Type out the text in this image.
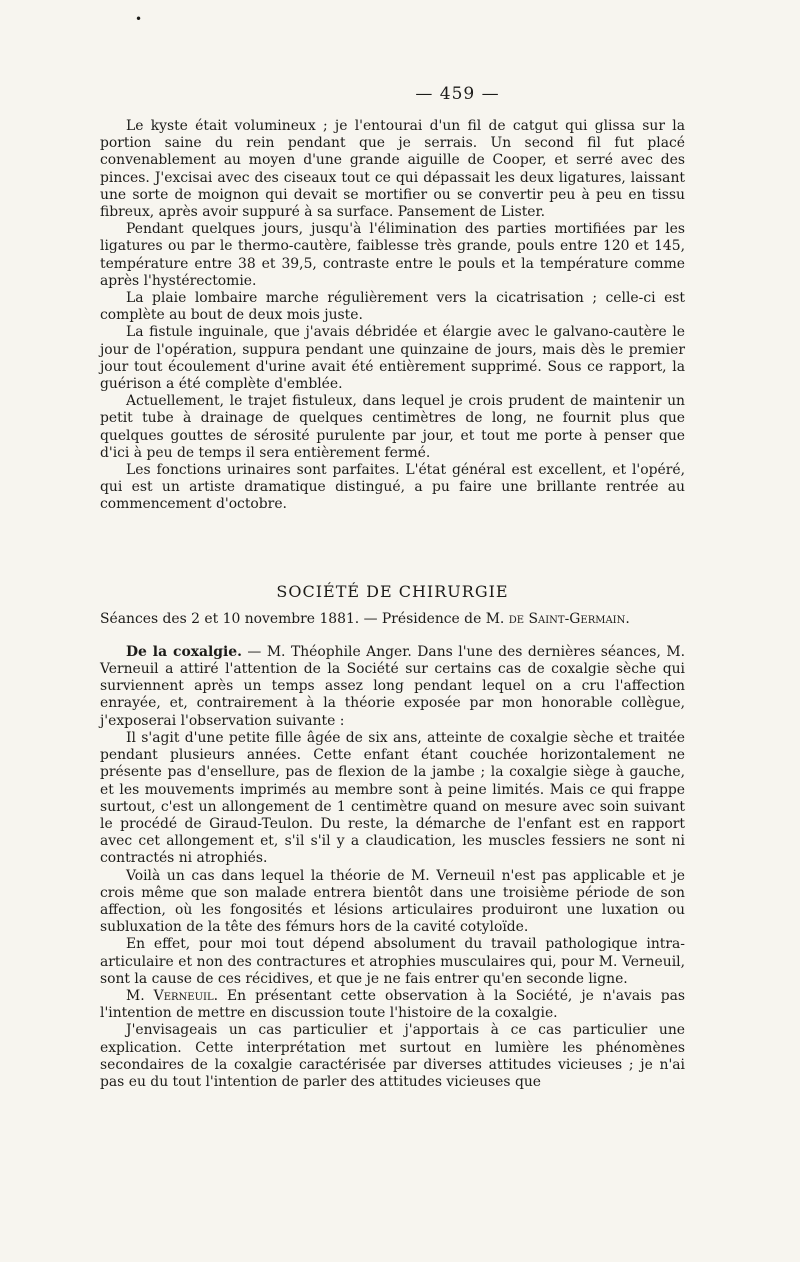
•
— 459 —

Le kyste était volumineux ; je l'entourai d'un fil de catgut qui glissa sur la portion saine du rein pendant que je serrais. Un second fil fut placé convenablement au moyen d'une grande aiguille de Cooper, et serré avec des pinces. J'excisai avec des ciseaux tout ce qui dépassait les deux ligatures, laissant une sorte de moignon qui devait se mortifier ou se convertir peu à peu en tissu fibreux, après avoir suppuré à sa surface. Pansement de Lister.

Pendant quelques jours, jusqu'à l'élimination des parties mortifiées par les ligatures ou par le thermo-cautère, faiblesse très grande, pouls entre 120 et 145, température entre 38 et 39,5, contraste entre le pouls et la température comme après l'hystérectomie.

La plaie lombaire marche régulièrement vers la cicatrisation ; celle-ci est complète au bout de deux mois juste.

La fistule inguinale, que j'avais débridée et élargie avec le galvano-cautère le jour de l'opération, suppura pendant une quinzaine de jours, mais dès le premier jour tout écoulement d'urine avait été entièrement supprimé. Sous ce rapport, la guérison a été complète d'emblée.

Actuellement, le trajet fistuleux, dans lequel je crois prudent de maintenir un petit tube à drainage de quelques centimètres de long, ne fournit plus que quelques gouttes de sérosité purulente par jour, et tout me porte à penser que d'ici à peu de temps il sera entièrement fermé.

Les fonctions urinaires sont parfaites. L'état général est excellent, et l'opéré, qui est un artiste dramatique distingué, a pu faire une brillante rentrée au commencement d'octobre.

SOCIÉTÉ DE CHIRURGIE
Séances des 2 et 10 novembre 1881. — Présidence de M. de Saint-Germain.

De la coxalgie. — M. Théophile Anger. Dans l'une des dernières séances, M. Verneuil a attiré l'attention de la Société sur certains cas de coxalgie sèche qui surviennent après un temps assez long pendant lequel on a cru l'affection enrayée, et, contrairement à la théorie exposée par mon honorable collègue, j'exposerai l'observation suivante :

Il s'agit d'une petite fille âgée de six ans, atteinte de coxalgie sèche et traitée pendant plusieurs années. Cette enfant étant couchée horizontalement ne présente pas d'ensellure, pas de flexion de la jambe ; la coxalgie siège à gauche, et les mouvements imprimés au membre sont à peine limités. Mais ce qui frappe surtout, c'est un allongement de 1 centimètre quand on mesure avec soin suivant le procédé de Giraud-Teulon. Du reste, la démarche de l'enfant est en rapport avec cet allongement et, s'il s'il y a claudication, les muscles fessiers ne sont ni contractés ni atrophiés.

Voilà un cas dans lequel la théorie de M. Verneuil n'est pas applicable et je crois même que son malade entrera bientôt dans une troisième période de son affection, où les fongosités et lésions articulaires produiront une luxation ou subluxation de la tête des fémurs hors de la cavité cotyloïde.

En effet, pour moi tout dépend absolument du travail pathologique intra-articulaire et non des contractures et atrophies musculaires qui, pour M. Verneuil, sont la cause de ces récidives, et que je ne fais entrer qu'en seconde ligne.

M. Verneuil. En présentant cette observation à la Société, je n'avais pas l'intention de mettre en discussion toute l'histoire de la coxalgie.

J'envisageais un cas particulier et j'apportais à ce cas particulier une explication. Cette interprétation met surtout en lumière les phénomènes secondaires de la coxalgie caractérisée par diverses attitudes vicieuses ; je n'ai pas eu du tout l'intention de parler des attitudes vicieuses que
